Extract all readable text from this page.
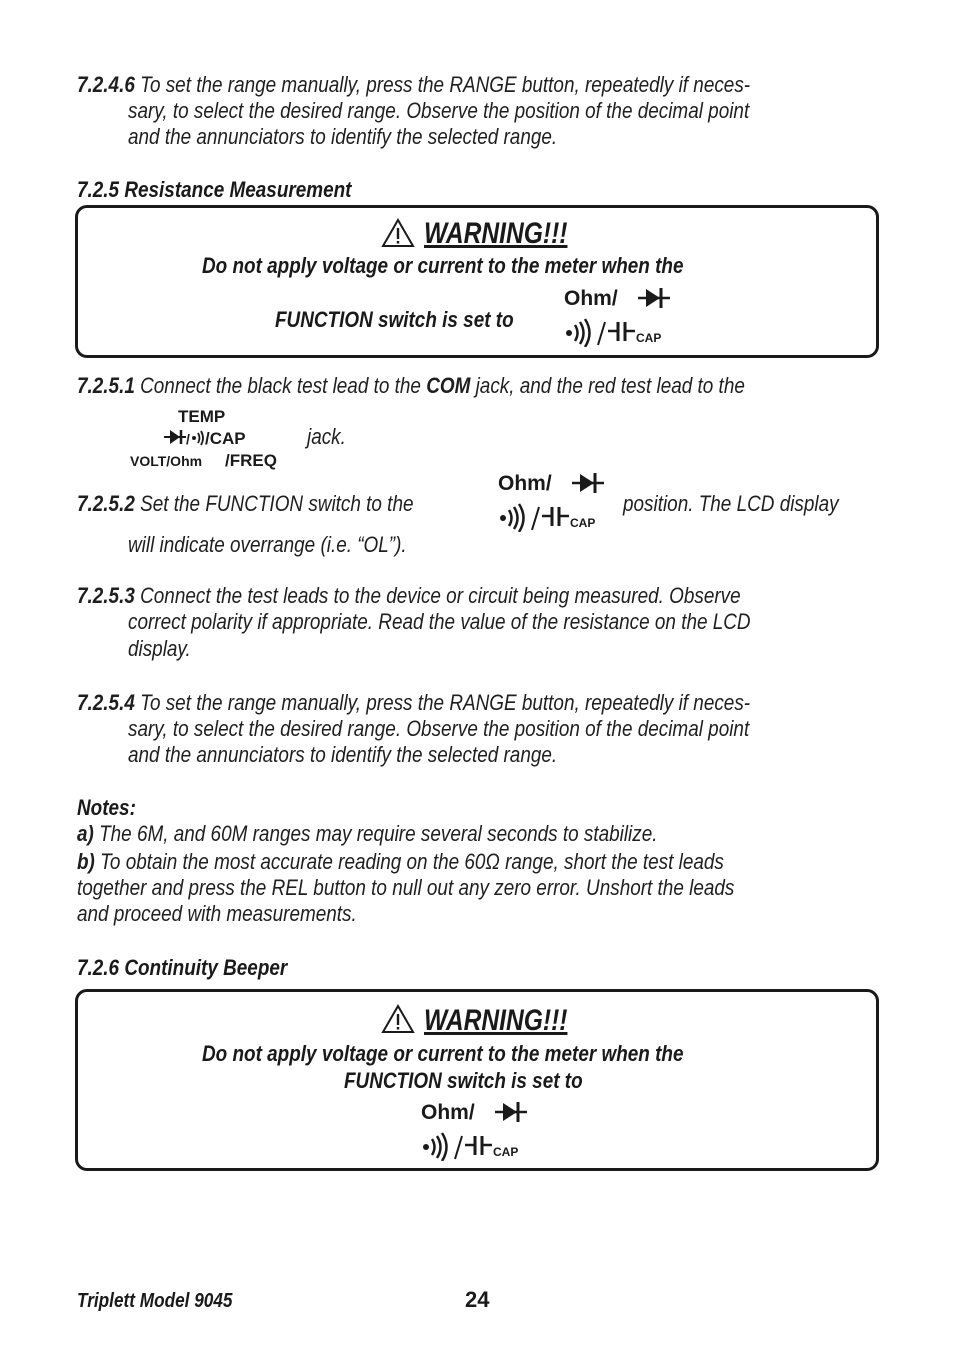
7.2.4.6 To set the range manually, press the RANGE button, repeatedly if neces-
sary, to select the desired range. Observe the position of the decimal point
and the annunciators to identify the selected range.
7.2.5 Resistance Measurement
WARNING!!!
Do not apply voltage or current to the meter when the
FUNCTION switch is set to
Ohm/
CAP
7.2.5.1 Connect the black test lead to the COM jack, and the red test lead to the
TEMP
/ /CAP
VOLT/Ohm /FREQ
jack.
7.2.5.2 Set the FUNCTION switch to the
Ohm/
CAP
position. The LCD display
will indicate overrange (i.e. “OL”).
7.2.5.3 Connect the test leads to the device or circuit being measured. Observe
correct polarity if appropriate. Read the value of the resistance on the LCD
display.
7.2.5.4 To set the range manually, press the RANGE button, repeatedly if neces-
sary, to select the desired range. Observe the position of the decimal point
and the annunciators to identify the selected range.
Notes:
a) The 6M, and 60M ranges may require several seconds to stabilize.
b) To obtain the most accurate reading on the 60Ω range, short the test leads
together and press the REL button to null out any zero error. Unshort the leads
and proceed with measurements.
7.2.6 Continuity Beeper
WARNING!!!
Do not apply voltage or current to the meter when the
FUNCTION switch is set to
Ohm/
CAP
Triplett Model 9045	24
